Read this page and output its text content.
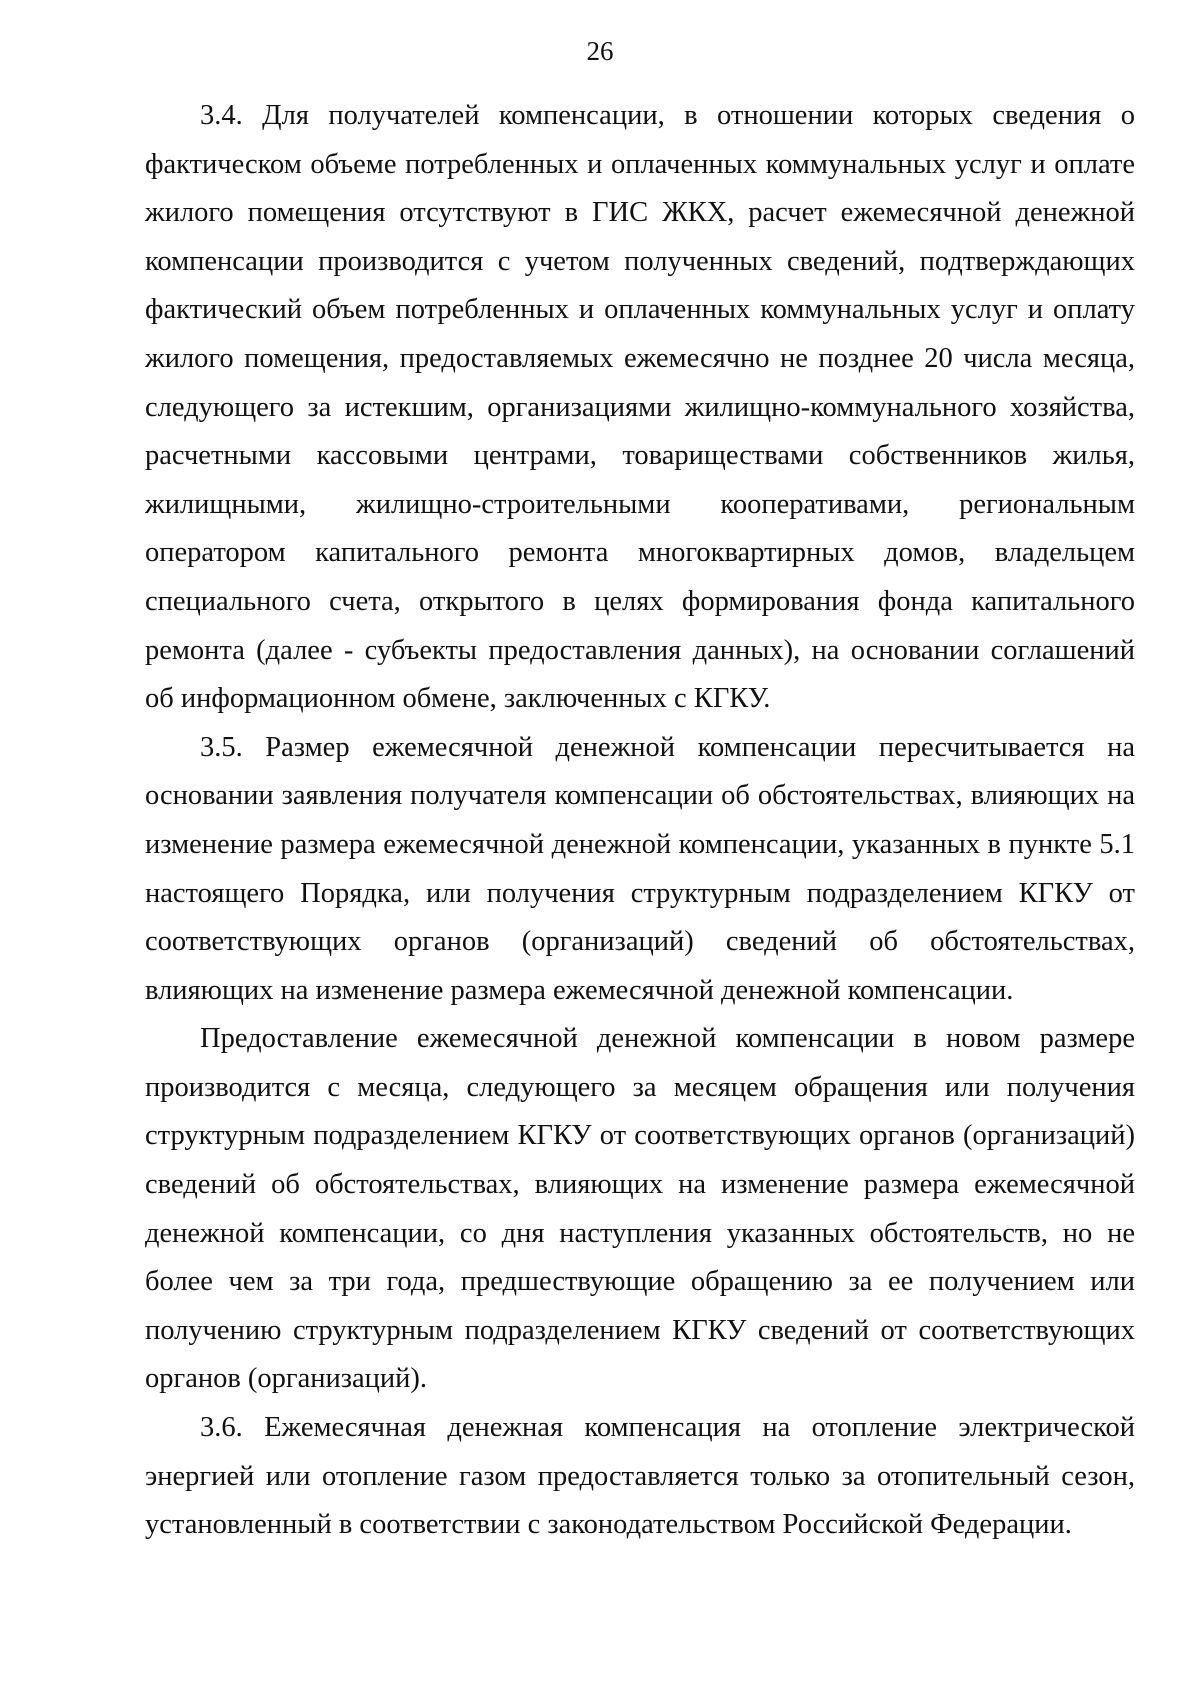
26

3.4. Для получателей компенсации, в отношении которых сведения о фактическом объеме потребленных и оплаченных коммунальных услуг и оплате жилого помещения отсутствуют в ГИС ЖКХ, расчет ежемесячной денежной компенсации производится с учетом полученных сведений, подтверждающих фактический объем потребленных и оплаченных коммунальных услуг и оплату жилого помещения, предоставляемых ежемесячно не позднее 20 числа месяца, следующего за истекшим, организациями жилищно-коммунального хозяйства, расчетными кассовыми центрами, товариществами собственников жилья, жилищными, жилищно-строительными кооперативами, региональным оператором капитального ремонта многоквартирных домов, владельцем специального счета, открытого в целях формирования фонда капитального ремонта (далее - субъекты предоставления данных), на основании соглашений об информационном обмене, заключенных с КГКУ.

3.5. Размер ежемесячной денежной компенсации пересчитывается на основании заявления получателя компенсации об обстоятельствах, влияющих на изменение размера ежемесячной денежной компенсации, указанных в пункте 5.1 настоящего Порядка, или получения структурным подразделением КГКУ от соответствующих органов (организаций) сведений об обстоятельствах, влияющих на изменение размера ежемесячной денежной компенсации.

Предоставление ежемесячной денежной компенсации в новом размере производится с месяца, следующего за месяцем обращения или получения структурным подразделением КГКУ от соответствующих органов (организаций) сведений об обстоятельствах, влияющих на изменение размера ежемесячной денежной компенсации, со дня наступления указанных обстоятельств, но не более чем за три года, предшествующие обращению за ее получением или получению структурным подразделением КГКУ сведений от соответствующих органов (организаций).

3.6. Ежемесячная денежная компенсация на отопление электрической энергией или отопление газом предоставляется только за отопительный сезон, установленный в соответствии с законодательством Российской Федерации.
